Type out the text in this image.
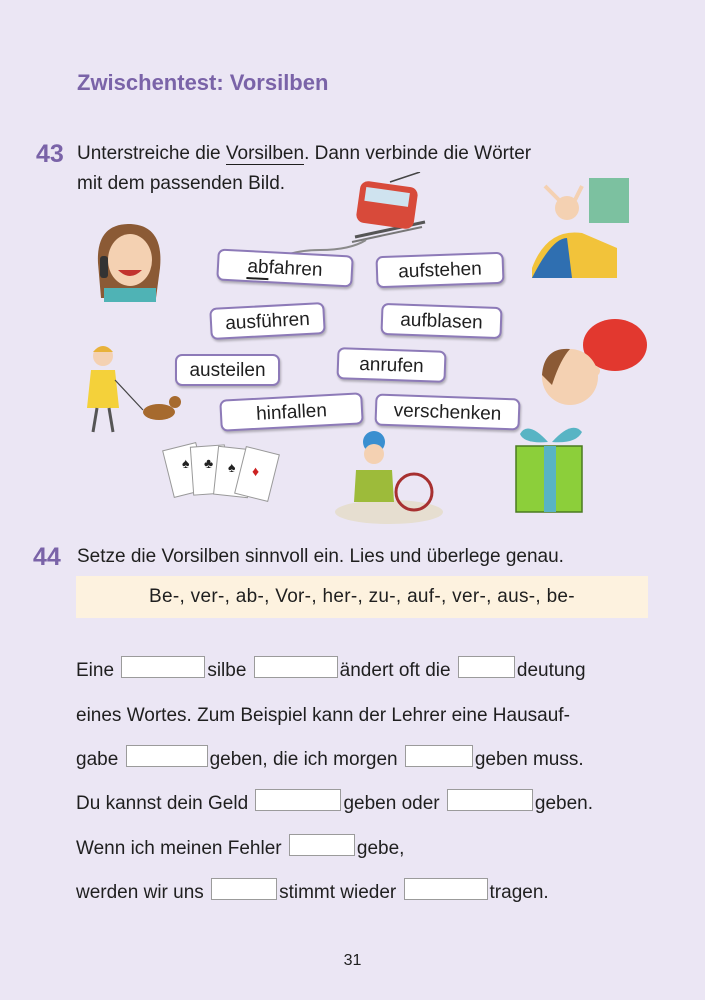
Zwischentest: Vorsilben
43 Unterstreiche die Vorsilben. Dann verbinde die Wörter
mit dem passenden Bild.
♠ ♣ ♠ ♦
abfahren	aufstehen
ausführen	aufblasen
austeilen	anrufen
hinfallen	verschenken
44 Setze die Vorsilben sinnvoll ein. Lies und überlege genau.
Be-, ver-, ab-, Vor-, her-, zu-, auf-, ver-, aus-, be-
Eine	silbe	ändert oft die	deutung
eines Wortes. Zum Beispiel kann der Lehrer eine Hausauf-
gabe	geben, die ich morgen	geben muss.
Du kannst dein Geld	geben oder	geben.
Wenn ich meinen Fehler	gebe,
werden wir uns	stimmt wieder	tragen.
31
